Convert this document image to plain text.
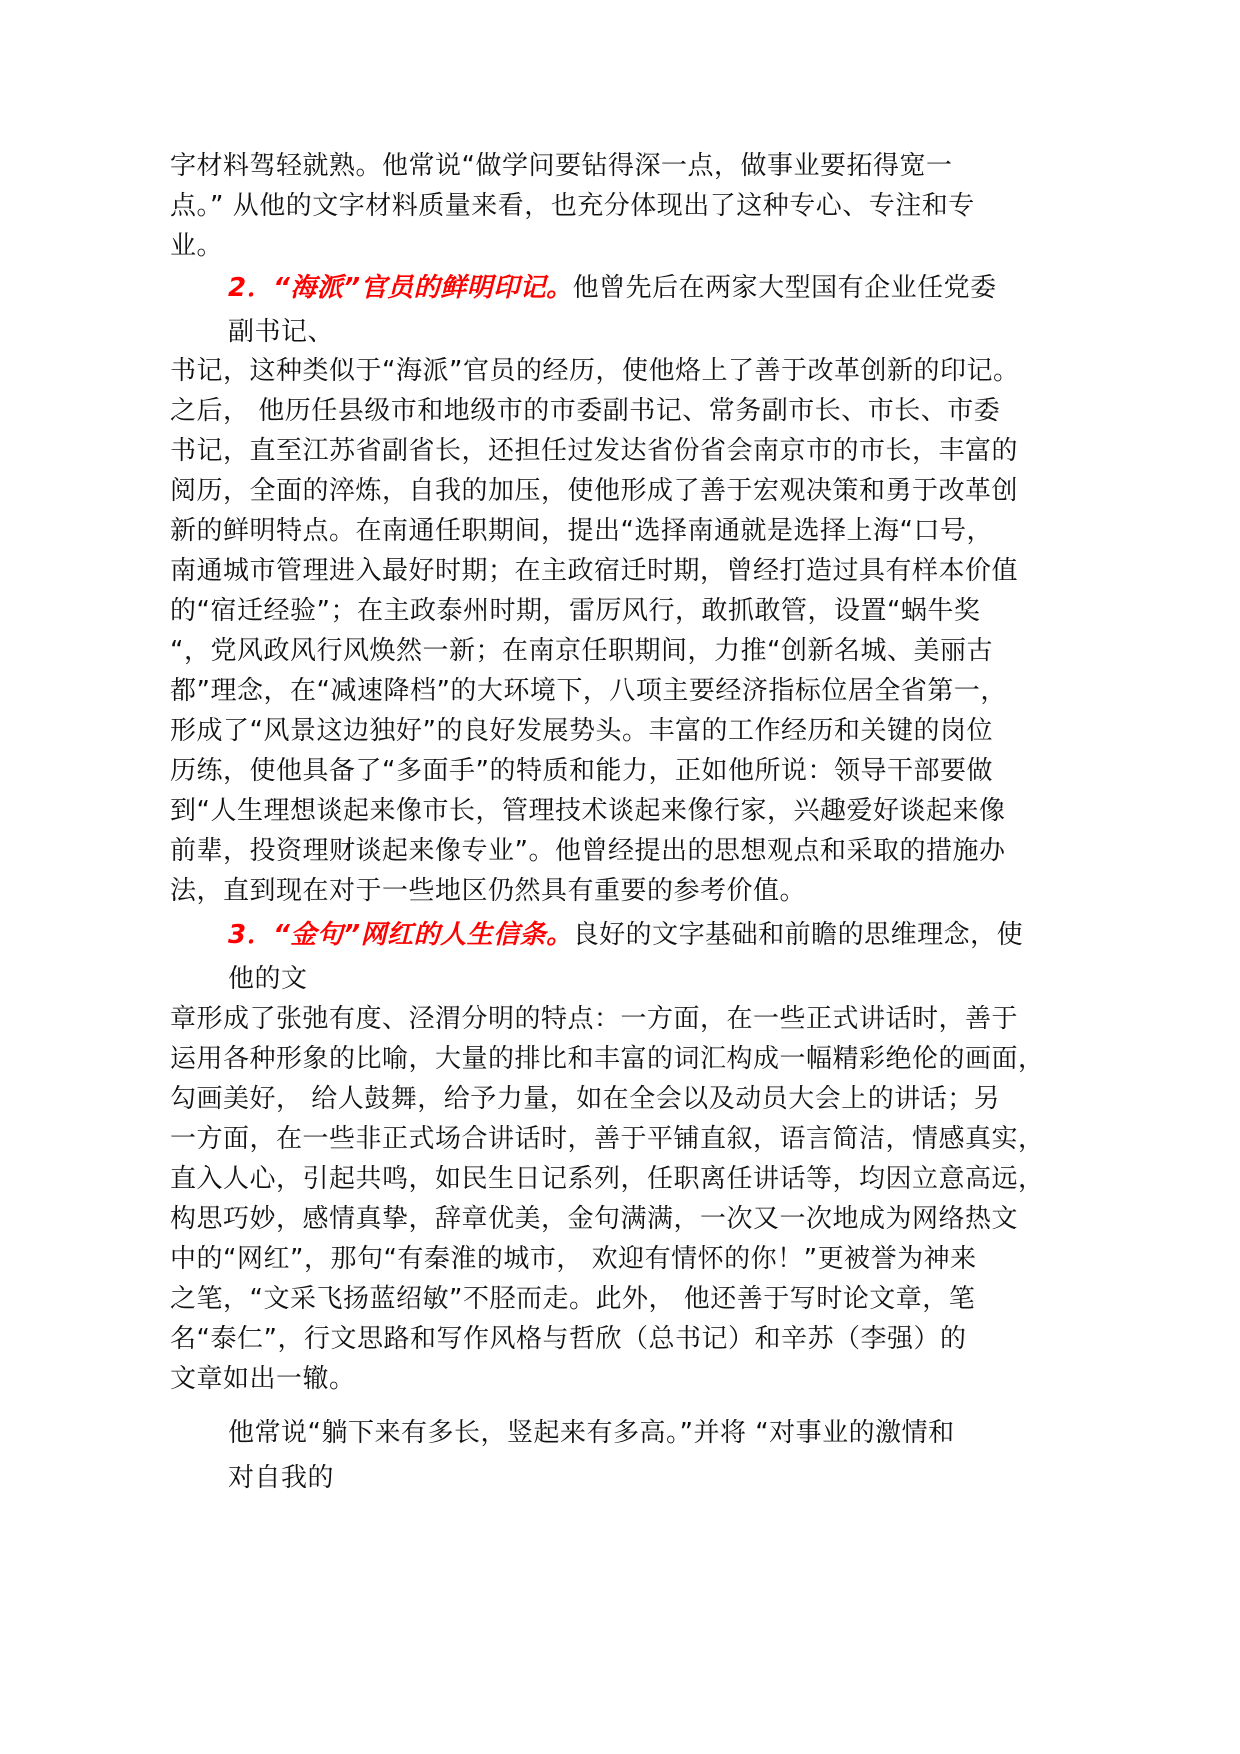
字材料驾轻就熟。他常说“做学问要钻得深一点，做事业要拓得宽一
点。” 从他的文字材料质量来看，也充分体现出了这种专心、专注和专
业。
2．“海派”官员的鲜明印记。他曾先后在两家大型国有企业任党委
副书记、
书记，这种类似于“海派”官员的经历，使他烙上了善于改革创新的印记。
之后， 他历任县级市和地级市的市委副书记、常务副市长、市长、市委
书记，直至江苏省副省长，还担任过发达省份省会南京市的市长，丰富的
阅历，全面的淬炼，自我的加压，使他形成了善于宏观决策和勇于改革创
新的鲜明特点。在南通任职期间，提出“选择南通就是选择上海“口号，
南通城市管理进入最好时期；在主政宿迁时期，曾经打造过具有样本价值
的“宿迁经验”；在主政泰州时期，雷厉风行，敢抓敢管，设置“蜗牛奖
“，党风政风行风焕然一新；在南京任职期间，力推“创新名城、美丽古
都”理念，在“减速降档”的大环境下，八项主要经济指标位居全省第一，
形成了“风景这边独好”的良好发展势头。丰富的工作经历和关键的岗位
历练，使他具备了“多面手”的特质和能力，正如他所说：领导干部要做
到“人生理想谈起来像市长，管理技术谈起来像行家，兴趣爱好谈起来像
前辈，投资理财谈起来像专业”。他曾经提出的思想观点和采取的措施办
法，直到现在对于一些地区仍然具有重要的参考价值。
3．“金句”网红的人生信条。良好的文字基础和前瞻的思维理念，使
他的文
章形成了张弛有度、泾渭分明的特点：一方面，在一些正式讲话时，善于
运用各种形象的比喻，大量的排比和丰富的词汇构成一幅精彩绝伦的画面，
勾画美好， 给人鼓舞，给予力量，如在全会以及动员大会上的讲话；另
一方面，在一些非正式场合讲话时，善于平铺直叙，语言简洁，情感真实，
直入人心，引起共鸣，如民生日记系列，任职离任讲话等，均因立意高远，
构思巧妙，感情真挚，辞章优美，金句满满，一次又一次地成为网络热文
中的“网红”，那句“有秦淮的城市， 欢迎有情怀的你！”更被誉为神来
之笔，“文采飞扬蓝绍敏”不胫而走。此外， 他还善于写时论文章，笔
名“泰仁”，行文思路和写作风格与哲欣（总书记）和辛苏（李强）的
文章如出一辙。
他常说“躺下来有多长，竖起来有多高。”并将 “对事业的激情和
对自我的
